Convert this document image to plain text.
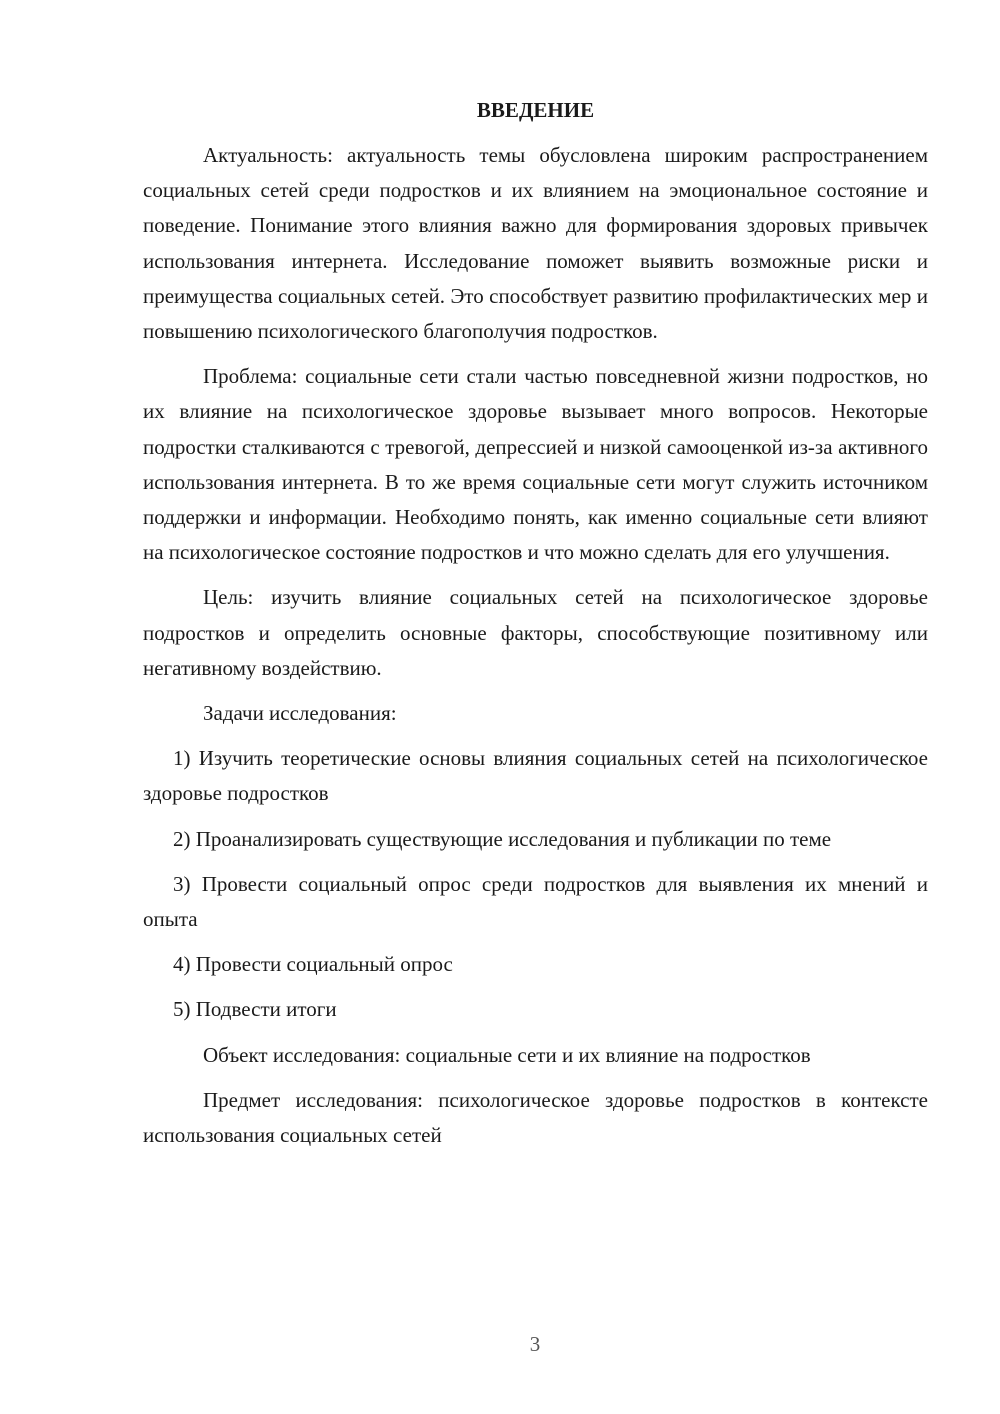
ВВЕДЕНИЕ

Актуальность: актуальность темы обусловлена широким распространением социальных сетей среди подростков и их влиянием на эмоциональное состояние и поведение. Понимание этого влияния важно для формирования здоровых привычек использования интернета. Исследование поможет выявить возможные риски и преимущества социальных сетей. Это способствует развитию профилактических мер и повышению психологического благополучия подростков.

Проблема: социальные сети стали частью повседневной жизни подростков, но их влияние на психологическое здоровье вызывает много вопросов. Некоторые подростки сталкиваются с тревогой, депрессией и низкой самооценкой из-за активного использования интернета. В то же время социальные сети могут служить источником поддержки и информации. Необходимо понять, как именно социальные сети влияют на психологическое состояние подростков и что можно сделать для его улучшения.

Цель: изучить влияние социальных сетей на психологическое здоровье подростков и определить основные факторы, способствующие позитивному или негативному воздействию.

Задачи исследования:

1) Изучить теоретические основы влияния социальных сетей на психологическое здоровье подростков

2) Проанализировать существующие исследования и публикации по теме

3) Провести социальный опрос среди подростков для выявления их мнений и опыта

4) Провести социальный опрос

5) Подвести итоги

Объект исследования: социальные сети и их влияние на подростков

Предмет исследования: психологическое здоровье подростков в контексте использования социальных сетей

3
